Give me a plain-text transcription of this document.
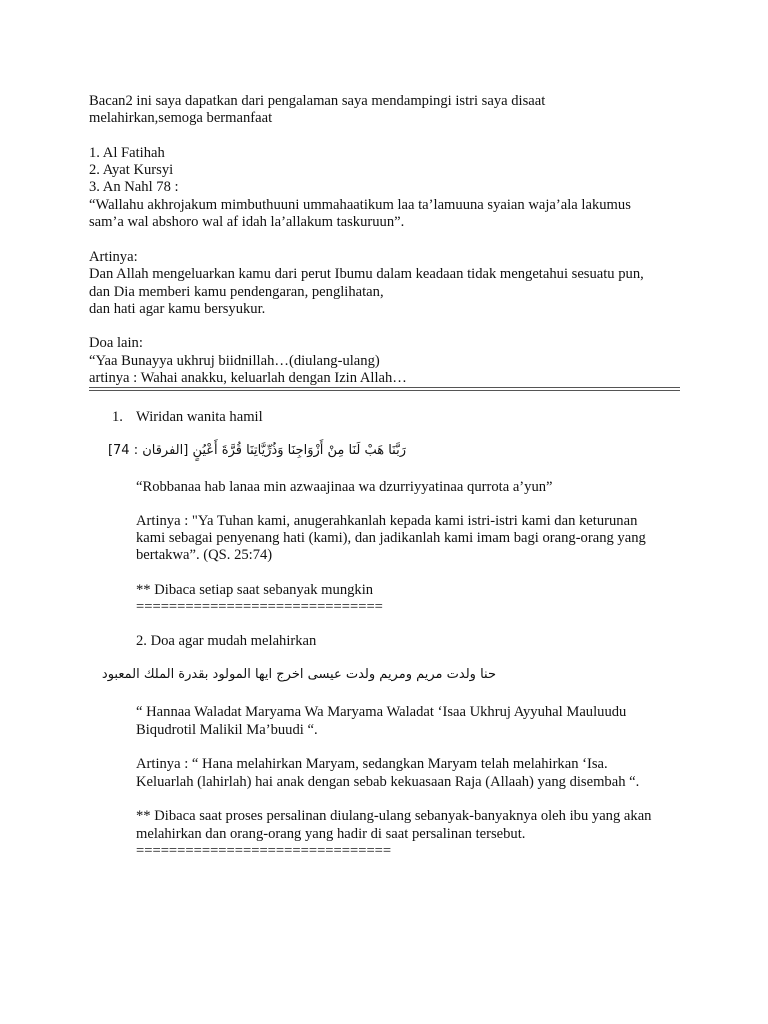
Bacan2 ini saya dapatkan dari pengalaman saya mendampingi istri saya disaat
melahirkan,semoga bermanfaat
1. Al Fatihah
2. Ayat Kursyi
3. An Nahl 78 :
“Wallahu akhrojakum mimbuthuuni ummahaatikum laa ta’lamuuna syaian waja’ala lakumus
sam’a wal abshoro wal af idah la’allakum taskuruun”.
Artinya:
Dan Allah mengeluarkan kamu dari perut Ibumu dalam keadaan tidak mengetahui sesuatu pun,
dan Dia memberi kamu pendengaran, penglihatan,
dan hati agar kamu bersyukur.
Doa lain:
“Yaa Bunayya ukhruj biidnillah…(diulang-ulang)
artinya : Wahai anakku, keluarlah dengan Izin Allah…
1. Wiridan wanita hamil
رَبَّنَا هَبْ لَنَا مِنْ أَزْوَاجِنَا وَذُرِّيَّاتِنَا قُرَّةَ أَعْيُنٍ [الفرقان : 74]
“Robbanaa hab lanaa min azwaajinaa wa dzurriyyatinaa qurrota a’yun”
Artinya : "Ya Tuhan kami, anugerahkanlah kepada kami istri-istri kami dan keturunan
kami sebagai penyenang hati (kami), dan jadikanlah kami imam bagi orang-orang yang
bertakwa”. (QS. 25:74)
** Dibaca setiap saat sebanyak mungkin
==============================
2. Doa agar mudah melahirkan
حنا ولدت مريم ومريم ولدت عيسى اخرج ايها المولود بقدرة الملك المعبود
“ Hannaa Waladat Maryama Wa Maryama Waladat ‘Isaa Ukhruj Ayyuhal Mauluudu
Biqudrotil Malikil Ma’buudi “.
Artinya : “ Hana melahirkan Maryam, sedangkan Maryam telah melahirkan ‘Isa.
Keluarlah (lahirlah) hai anak dengan sebab kekuasaan Raja (Allaah) yang disembah “.
** Dibaca saat proses persalinan diulang-ulang sebanyak-banyaknya oleh ibu yang akan
melahirkan dan orang-orang yang hadir di saat persalinan tersebut.
===============================
